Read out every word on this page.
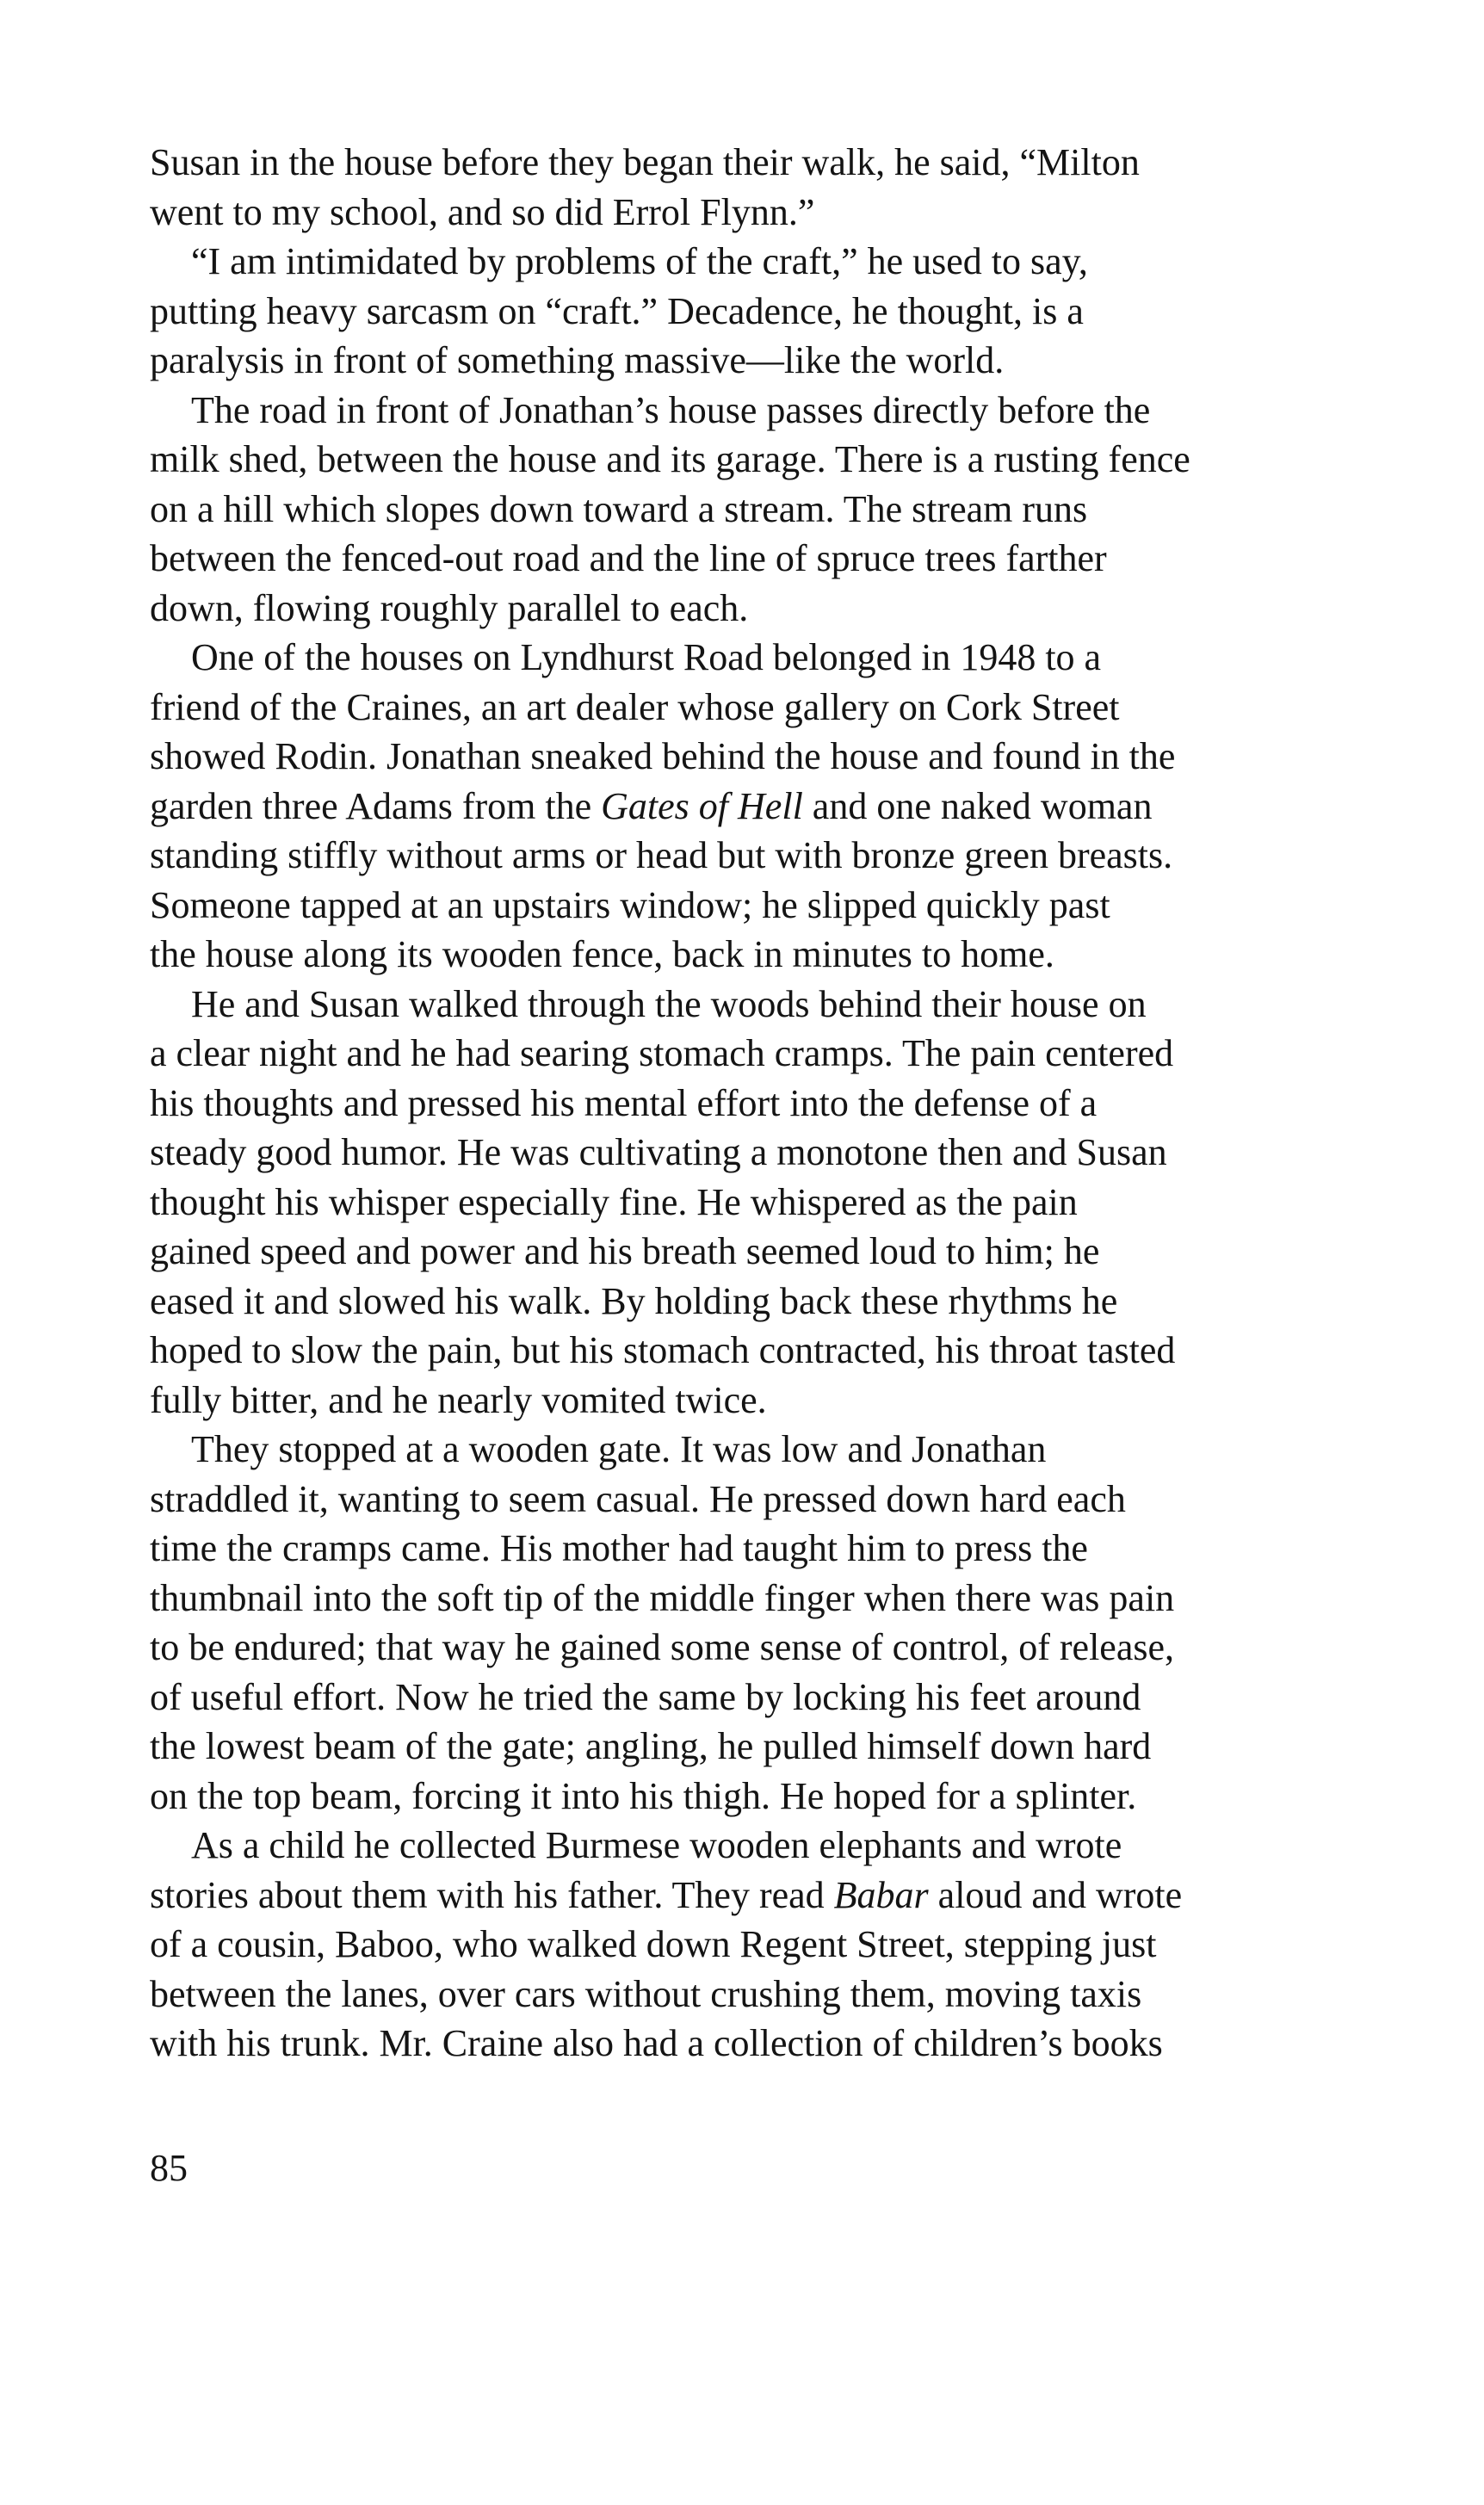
Susan in the house before they began their walk, he said, “Milton
went to my school, and so did Errol Flynn.”

“I am intimidated by problems of the craft,” he used to say,
putting heavy sarcasm on “craft.” Decadence, he thought, is a
paralysis in front of something massive—like the world.

The road in front of Jonathan’s house passes directly before the
milk shed, between the house and its garage. There is a rusting fence
on a hill which slopes down toward a stream. The stream runs
between the fenced-out road and the line of spruce trees farther
down, flowing roughly parallel to each.

One of the houses on Lyndhurst Road belonged in 1948 to a
friend of the Craines, an art dealer whose gallery on Cork Street
showed Rodin. Jonathan sneaked behind the house and found in the
garden three Adams from the Gates of Hell and one naked woman
standing stiffly without arms or head but with bronze green breasts.
Someone tapped at an upstairs window; he slipped quickly past
the house along its wooden fence, back in minutes to home.

He and Susan walked through the woods behind their house on
a clear night and he had searing stomach cramps. The pain centered
his thoughts and pressed his mental effort into the defense of a
steady good humor. He was cultivating a monotone then and Susan
thought his whisper especially fine. He whispered as the pain
gained speed and power and his breath seemed loud to him; he
eased it and slowed his walk. By holding back these rhythms he
hoped to slow the pain, but his stomach contracted, his throat tasted
fully bitter, and he nearly vomited twice.

They stopped at a wooden gate. It was low and Jonathan
straddled it, wanting to seem casual. He pressed down hard each
time the cramps came. His mother had taught him to press the
thumbnail into the soft tip of the middle finger when there was pain
to be endured; that way he gained some sense of control, of release,
of useful effort. Now he tried the same by locking his feet around
the lowest beam of the gate; angling, he pulled himself down hard
on the top beam, forcing it into his thigh. He hoped for a splinter.

As a child he collected Burmese wooden elephants and wrote
stories about them with his father. They read Babar aloud and wrote
of a cousin, Baboo, who walked down Regent Street, stepping just
between the lanes, over cars without crushing them, moving taxis
with his trunk. Mr. Craine also had a collection of children’s books

85
